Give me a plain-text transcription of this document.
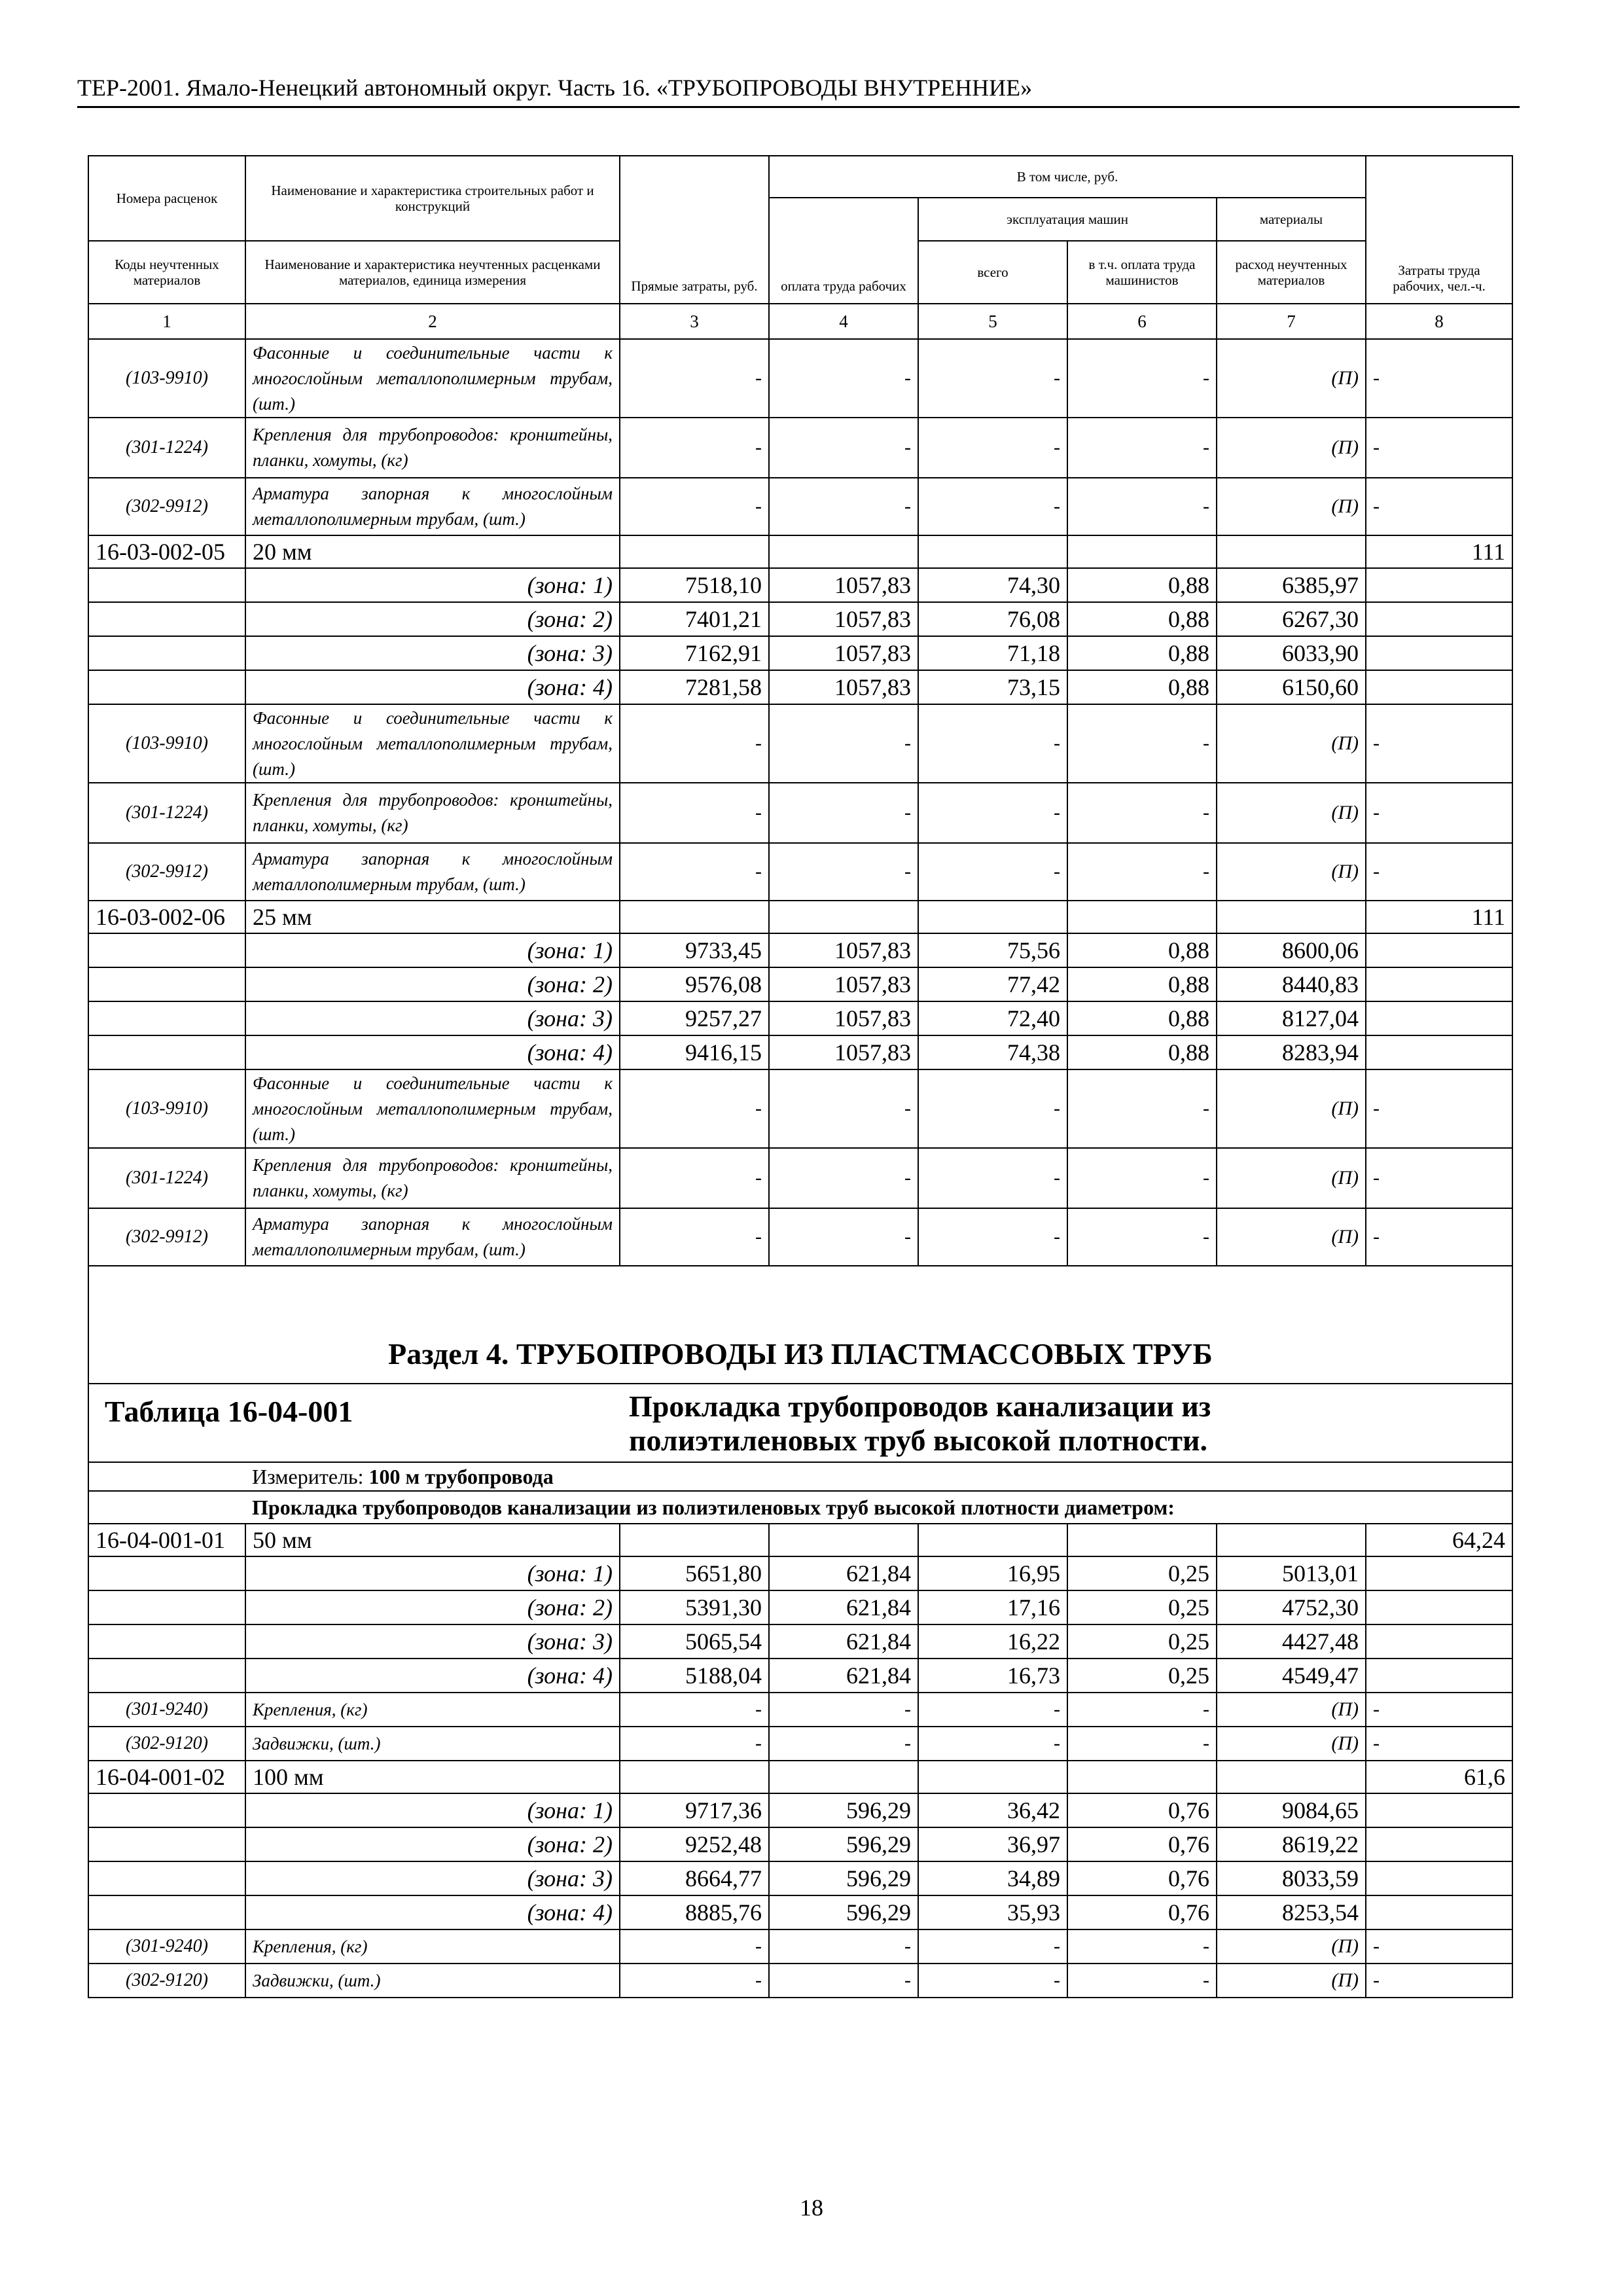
ТЕР-2001. Ямало-Ненецкий автономный округ. Часть 16. «ТРУБОПРОВОДЫ ВНУТРЕННИЕ»
Номера расценок	Наименование и характеристика строительных работ и конструкций	Прямые затраты, руб.	В том числе, руб.				Затраты труда рабочих, чел.-ч.
			оплата труда рабочих	эксплуатация машин		материалы	
Коды неучтенных материалов	Наименование и характеристика неучтенных расценками материалов, единица измерения			всего	в т.ч. оплата труда машинистов	расход неучтенных материалов	
1	2	3	4	5	6	7	8
(103-9910)	Фасонные и соединительные части к многослойным металлополимерным трубам, (шт.)	-	-	-	-	(П)	-
(301-1224)	Крепления для трубопроводов: кронштейны, планки, хомуты, (кг)	-	-	-	-	(П)	-
(302-9912)	Арматура запорная к многослойным металлополимерным трубам, (шт.)	-	-	-	-	(П)	-
16-03-002-05	20 мм						111
	(зона: 1)	7518,10	1057,83	74,30	0,88	6385,97	
	(зона: 2)	7401,21	1057,83	76,08	0,88	6267,30	
	(зона: 3)	7162,91	1057,83	71,18	0,88	6033,90	
	(зона: 4)	7281,58	1057,83	73,15	0,88	6150,60	
(103-9910)	Фасонные и соединительные части к многослойным металлополимерным трубам, (шт.)	-	-	-	-	(П)	-
(301-1224)	Крепления для трубопроводов: кронштейны, планки, хомуты, (кг)	-	-	-	-	(П)	-
(302-9912)	Арматура запорная к многослойным металлополимерным трубам, (шт.)	-	-	-	-	(П)	-
16-03-002-06	25 мм						111
	(зона: 1)	9733,45	1057,83	75,56	0,88	8600,06	
	(зона: 2)	9576,08	1057,83	77,42	0,88	8440,83	
	(зона: 3)	9257,27	1057,83	72,40	0,88	8127,04	
	(зона: 4)	9416,15	1057,83	74,38	0,88	8283,94	
(103-9910)	Фасонные и соединительные части к многослойным металлополимерным трубам, (шт.)	-	-	-	-	(П)	-
(301-1224)	Крепления для трубопроводов: кронштейны, планки, хомуты, (кг)	-	-	-	-	(П)	-
(302-9912)	Арматура запорная к многослойным металлополимерным трубам, (шт.)	-	-	-	-	(П)	-
Раздел 4. ТРУБОПРОВОДЫ ИЗ ПЛАСТМАССОВЫХ ТРУБ							
Таблица 16-04-001		Прокладка трубопроводов канализации из полиэтиленовых труб высокой плотности.					
	Измеритель: 100 м трубопровода						
	Прокладка трубопроводов канализации из полиэтиленовых труб высокой плотности диаметром:						
16-04-001-01	50 мм						64,24
	(зона: 1)	5651,80	621,84	16,95	0,25	5013,01	
	(зона: 2)	5391,30	621,84	17,16	0,25	4752,30	
	(зона: 3)	5065,54	621,84	16,22	0,25	4427,48	
	(зона: 4)	5188,04	621,84	16,73	0,25	4549,47	
(301-9240)	Крепления, (кг)	-	-	-	-	(П)	-
(302-9120)	Задвижки, (шт.)	-	-	-	-	(П)	-
16-04-001-02	100 мм						61,6
	(зона: 1)	9717,36	596,29	36,42	0,76	9084,65	
	(зона: 2)	9252,48	596,29	36,97	0,76	8619,22	
	(зона: 3)	8664,77	596,29	34,89	0,76	8033,59	
	(зона: 4)	8885,76	596,29	35,93	0,76	8253,54	
(301-9240)	Крепления, (кг)	-	-	-	-	(П)	-
(302-9120)	Задвижки, (шт.)	-	-	-	-	(П)	-
18
